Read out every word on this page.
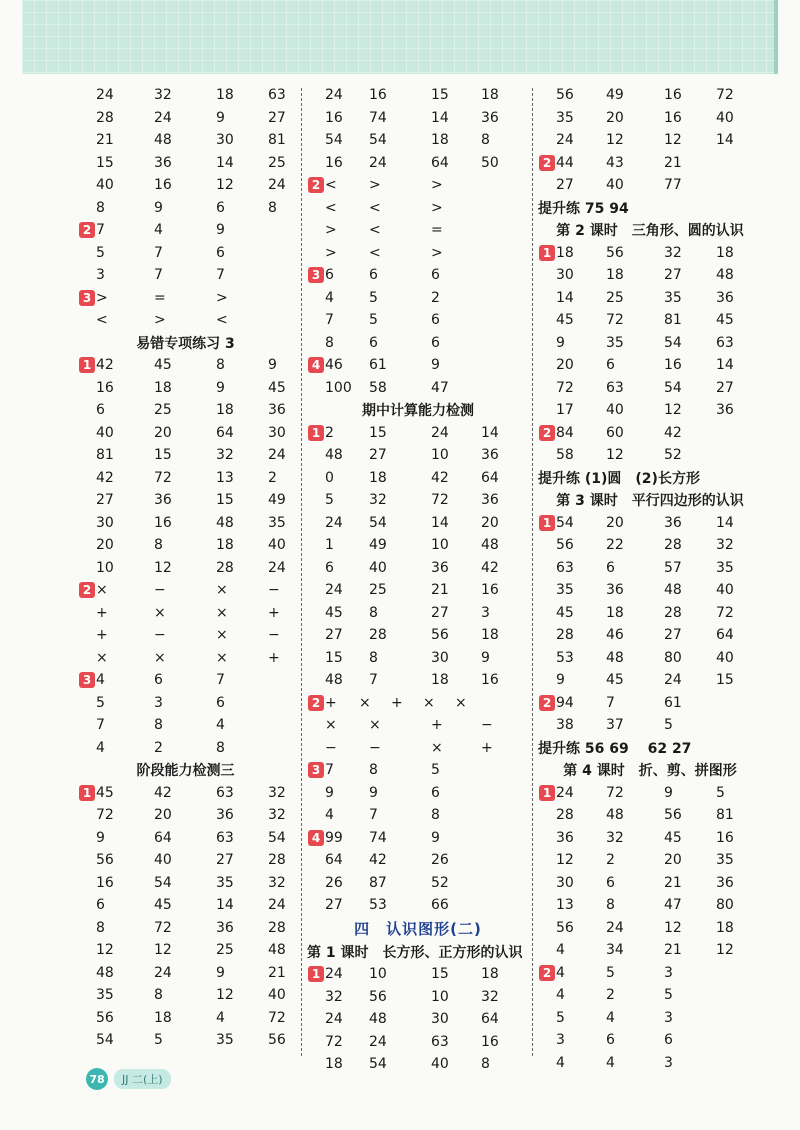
24	32	18	63
28	24	9	27
21	48	30	81
15	36	14	25
40	16	12	24
8	9	6	8
2 7	4	9
5	7	6
3	7	7
3 >	=	>
<	>	<
易错专项练习 3
1 42	45	8	9
16	18	9	45
6	25	18	36
40	20	64	30
81	15	32	24
42	72	13	2
27	36	15	49
30	16	48	35
20	8	18	40
10	12	28	24
2 ×	−	×	−
+	×	×	+
+	−	×	−
×	×	×	+
3 4	6	7
5	3	6
7	8	4
4	2	8
阶段能力检测三
1 45	42	63	32
72	20	36	32
9	64	63	54
56	40	27	28
16	54	35	32
6	45	14	24
8	72	36	28
12	12	25	48
48	24	9	21
35	8	12	40
56	18	4	72
54	5	35	56
24	16	15	18
16	74	14	36
54	54	18	8
16	24	64	50
2 <	>	>
<	<	>
>	<	=
>	<	>
3 6	6	6
4	5	2
7	5	6
8	6	6
4 46	61	9
100	58	47
期中计算能力检测
1 2	15	24	14
48	27	10	36
0	18	42	64
5	32	72	36
24	54	14	20
1	49	10	48
6	40	36	42
24	25	21	16
45	8	27	3
27	28	56	18
15	8	30	9
48	7	18	16
2 +	×	+	×	×
×	×	+	−
−	−	×	+
3 7	8	5
9	9	6
4	7	8
4 99	74	9
64	42	26
26	87	52
27	53	66
四　认识图形(二)
第 1 课时　长方形、正方形的认识
1 24	10	15	18
32	56	10	32
24	48	30	64
72	24	63	16
18	54	40	8
56	49	16	72
35	20	16	40
24	12	12	14
2 44	43	21
27	40	77
提升练 75 94
第 2 课时　三角形、圆的认识
1 18	56	32	18
30	18	27	48
14	25	35	36
45	72	81	45
9	35	54	63
20	6	16	14
72	63	54	27
17	40	12	36
2 84	60	42
58	12	52
提升练 (1)圆　(2)长方形
第 3 课时　平行四边形的认识
1 54	20	36	14
56	22	28	32
63	6	57	35
35	36	48	40
45	18	28	72
28	46	27	64
53	48	80	40
9	45	24	15
2 94	7	61
38	37	5
提升练 56 69　 62 27
第 4 课时　折、剪、拼图形
1 24	72	9	5
28	48	56	81
36	32	45	16
12	2	20	35
30	6	21	36
13	8	47	80
56	24	12	18
4	34	21	12
2 4	5	3
4	2	5
5	4	3
3	6	6
4	4	3
78	JJ 二(上)
